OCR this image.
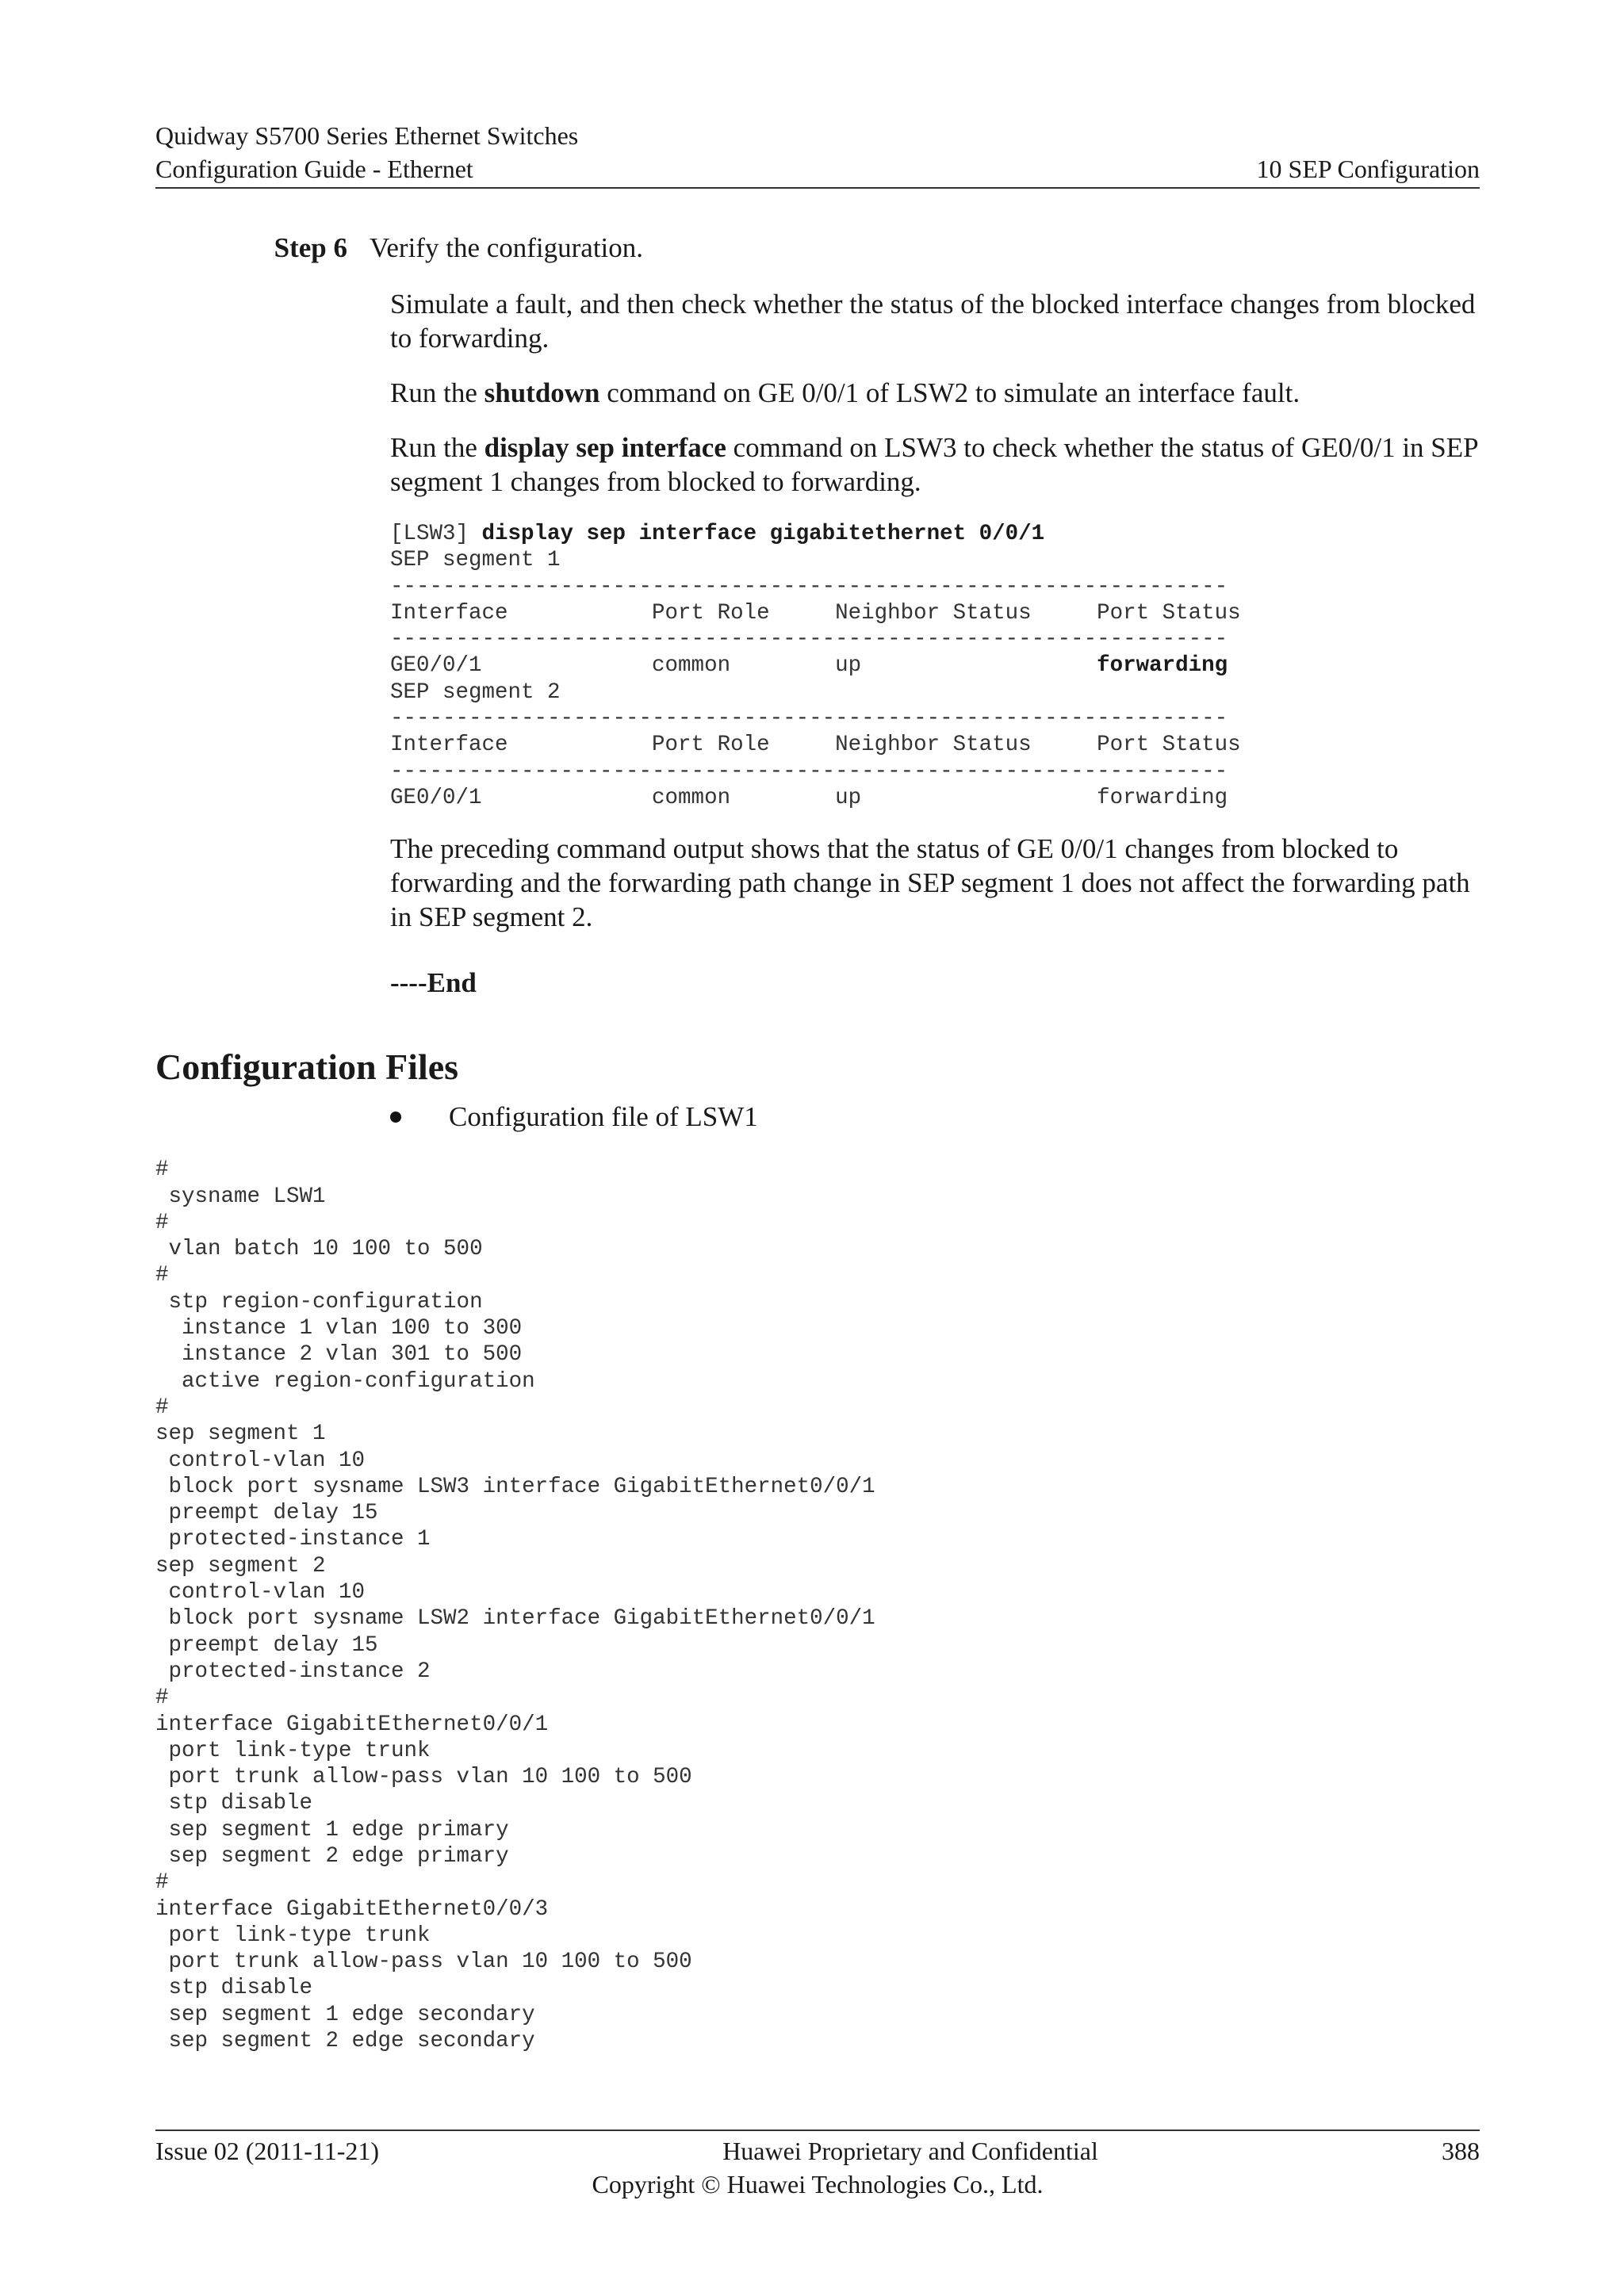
Quidway S5700 Series Ethernet Switches
Configuration Guide - Ethernet	10 SEP Configuration
Step 6 Verify the configuration.

Simulate a fault, and then check whether the status of the blocked interface changes from blocked to forwarding.

Run the shutdown command on GE 0/0/1 of LSW2 to simulate an interface fault.

Run the display sep interface command on LSW3 to check whether the status of GE0/0/1 in SEP segment 1 changes from blocked to forwarding.

[LSW3] display sep interface gigabitethernet 0/0/1
SEP segment 1
----------------------------------------------------------------
Interface           Port Role     Neighbor Status     Port Status
----------------------------------------------------------------
GE0/0/1             common        up                  forwarding
SEP segment 2
----------------------------------------------------------------
Interface           Port Role     Neighbor Status     Port Status
----------------------------------------------------------------
GE0/0/1             common        up                  forwarding

The preceding command output shows that the status of GE 0/0/1 changes from blocked to forwarding and the forwarding path change in SEP segment 1 does not affect the forwarding path in SEP segment 2.

----End

Configuration Files
Configuration file of LSW1
#
sysname LSW1
#
vlan batch 10 100 to 500
#
stp region-configuration
instance 1 vlan 100 to 300
instance 2 vlan 301 to 500
active region-configuration
#
sep segment 1
control-vlan 10
block port sysname LSW3 interface GigabitEthernet0/0/1
preempt delay 15
protected-instance 1
sep segment 2
control-vlan 10
block port sysname LSW2 interface GigabitEthernet0/0/1
preempt delay 15
protected-instance 2
#
interface GigabitEthernet0/0/1
port link-type trunk
port trunk allow-pass vlan 10 100 to 500
stp disable
sep segment 1 edge primary
sep segment 2 edge primary
#
interface GigabitEthernet0/0/3
port link-type trunk
port trunk allow-pass vlan 10 100 to 500
stp disable
sep segment 1 edge secondary
sep segment 2 edge secondary
Issue 02 (2011-11-21)	Huawei Proprietary and Confidential	388
Copyright © Huawei Technologies Co., Ltd.
